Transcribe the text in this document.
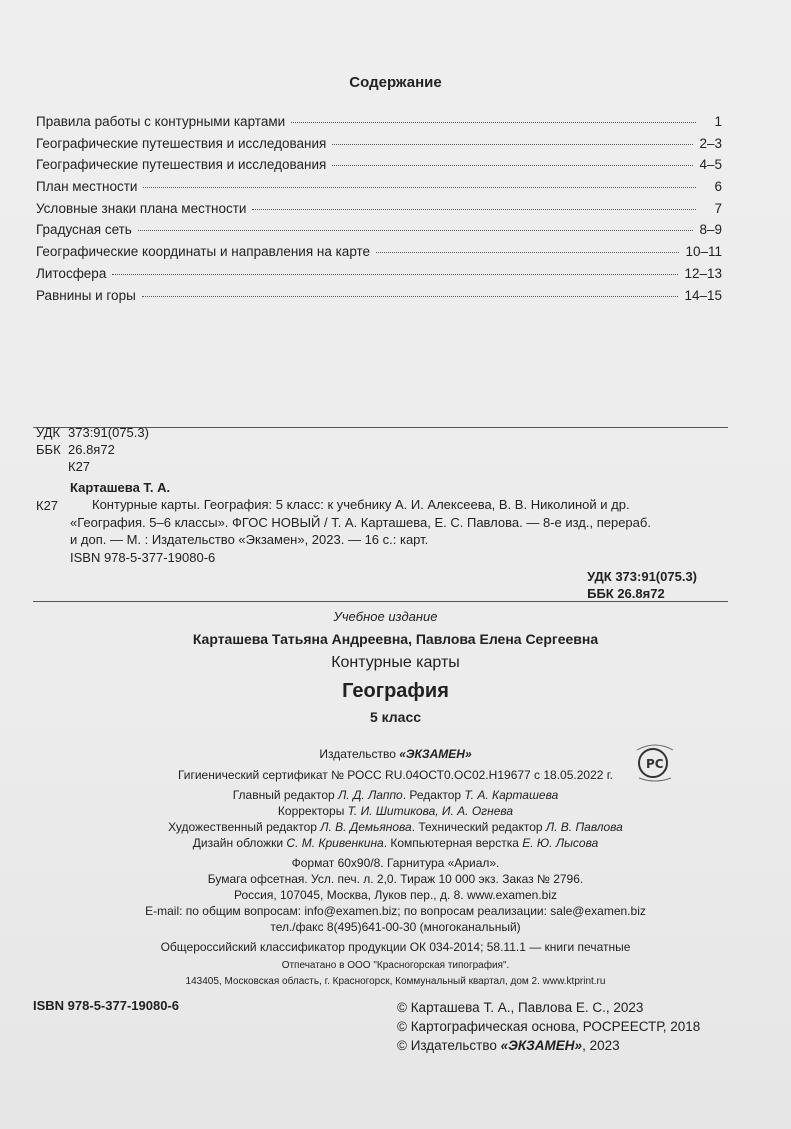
Содержание
Правила работы с контурными картами	1
Географические путешествия и исследования	2–3
Географические путешествия и исследования	4–5
План местности	6
Условные знаки плана местности	7
Градусная сеть	8–9
Географические координаты и направления на карте	10–11
Литосфера	12–13
Равнины и горы	14–15
УДК 373:91(075.3)
ББК 26.8я72
К27
Карташева Т. А.
К27	Контурные карты. География: 5 класс: к учебнику А. И. Алексеева, В. В. Николиной и др.
«География. 5–6 классы». ФГОС НОВЫЙ / Т. А. Карташева, Е. С. Павлова. — 8-е изд., перераб.
и доп. — М. : Издательство «Экзамен», 2023. — 16 с.: карт.
ISBN 978-5-377-19080-6
УДК 373:91(075.3)
ББК 26.8я72
Учебное издание
Карташева Татьяна Андреевна, Павлова Елена Сергеевна
Контурные карты
География
5 класс
Издательство «ЭКЗАМЕН»
Гигиенический сертификат № РОСС RU.04ОСТ0.ОС02.Н19677 с 18.05.2022 г.
Главный редактор Л. Д. Лаппо. Редактор Т. А. Карташева
Корректоры Т. И. Шитикова, И. А. Огнева
Художественный редактор Л. В. Демьянова. Технический редактор Л. В. Павлова
Дизайн обложки С. М. Кривенкина. Компьютерная верстка Е. Ю. Лысова
Формат 60x90/8. Гарнитура «Ариал».
Бумага офсетная. Усл. печ. л. 2,0. Тираж 10 000 экз. Заказ № 2796.
Россия, 107045, Москва, Луков пер., д. 8. www.examen.biz
E-mail: по общим вопросам: info@examen.biz; по вопросам реализации: sale@examen.biz
тел./факс 8(495)641-00-30 (многоканальный)
Общероссийский классификатор продукции ОК 034-2014; 58.11.1 — книги печатные
Отпечатано в ООО "Красногорская типография".
143405, Московская область, г. Красногорск, Коммунальный квартал, дом 2. www.ktprint.ru
PC
ISBN 978-5-377-19080-6	© Карташева Т. А., Павлова Е. С., 2023
© Картографическая основа, РОСРЕЕСТР, 2018
© Издательство «ЭКЗАМЕН», 2023
